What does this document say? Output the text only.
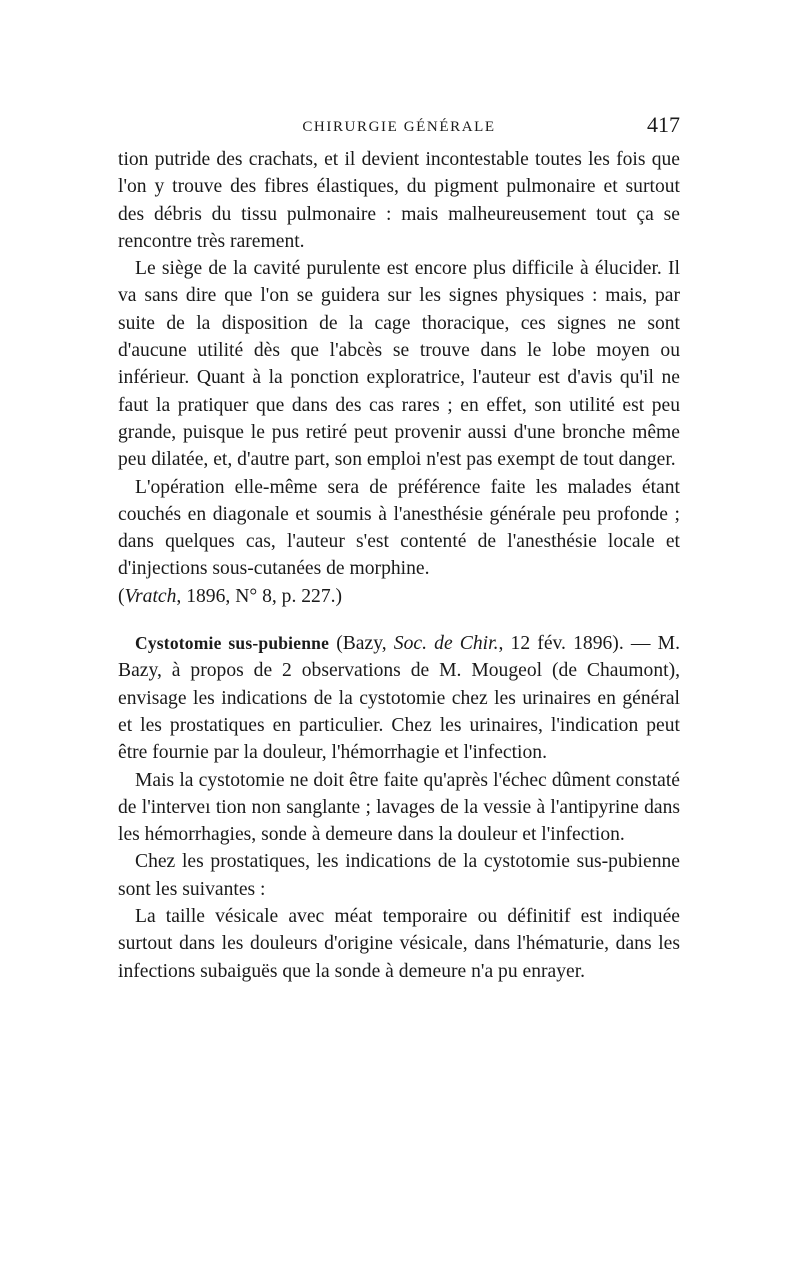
CHIRURGIE GÉNÉRALE	417

tion putride des crachats, et il devient incontestable toutes les fois que l'on y trouve des fibres élastiques, du pigment pulmonaire et surtout des débris du tissu pulmonaire : mais malheureusement tout ça se rencontre très rarement.

Le siège de la cavité purulente est encore plus difficile à élucider. Il va sans dire que l'on se guidera sur les signes physiques : mais, par suite de la disposition de la cage thoracique, ces signes ne sont d'aucune utilité dès que l'abcès se trouve dans le lobe moyen ou inférieur. Quant à la ponction exploratrice, l'auteur est d'avis qu'il ne faut la pratiquer que dans des cas rares ; en effet, son utilité est peu grande, puisque le pus retiré peut provenir aussi d'une bronche même peu dilatée, et, d'autre part, son emploi n'est pas exempt de tout danger.

L'opération elle-même sera de préférence faite les malades étant couchés en diagonale et soumis à l'anesthésie générale peu profonde ; dans quelques cas, l'auteur s'est contenté de l'anesthésie locale et d'injections sous-cutanées de morphine.

(Vratch, 1896, N° 8, p. 227.)

Cystotomie sus-pubienne (Bazy, Soc. de Chir., 12 fév. 1896). — M. Bazy, à propos de 2 observations de M. Mougeol (de Chaumont), envisage les indications de la cystotomie chez les urinaires en général et les prostatiques en particulier. Chez les urinaires, l'indication peut être fournie par la douleur, l'hémorrhagie et l'infection.

Mais la cystotomie ne doit être faite qu'après l'échec dûment constaté de l'interveı tion non sanglante ; lavages de la vessie à l'antipyrine dans les hémorrhagies, sonde à demeure dans la douleur et l'infection.

Chez les prostatiques, les indications de la cystotomie sus-pubienne sont les suivantes :

La taille vésicale avec méat temporaire ou définitif est indiquée surtout dans les douleurs d'origine vésicale, dans l'hématurie, dans les infections subaiguës que la sonde à demeure n'a pu enrayer.
